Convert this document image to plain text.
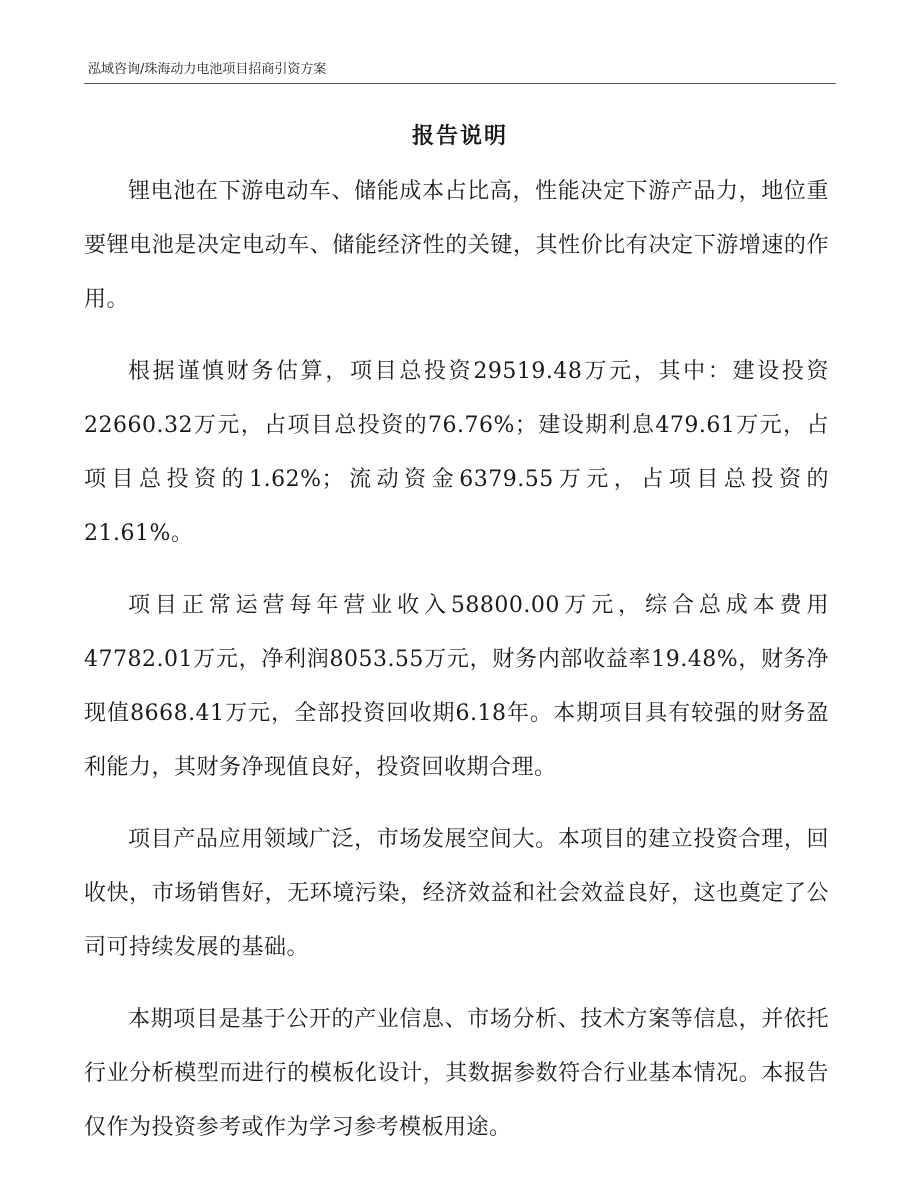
泓域咨询/珠海动力电池项目招商引资方案
报告说明

锂电池在下游电动车、储能成本占比高，性能决定下游产品力，地位重要锂电池是决定电动车、储能经济性的关键，其性价比有决定下游增速的作用。

根据谨慎财务估算，项目总投资29519.48万元，其中：建设投资22660.32万元，占项目总投资的76.76%；建设期利息479.61万元，占项目总投资的1.62%；流动资金6379.55万元，占项目总投资的21.61%。

项目正常运营每年营业收入58800.00万元，综合总成本费用47782.01万元，净利润8053.55万元，财务内部收益率19.48%，财务净现值8668.41万元，全部投资回收期6.18年。本期项目具有较强的财务盈利能力，其财务净现值良好，投资回收期合理。

项目产品应用领域广泛，市场发展空间大。本项目的建立投资合理，回收快，市场销售好，无环境污染，经济效益和社会效益良好，这也奠定了公司可持续发展的基础。

本期项目是基于公开的产业信息、市场分析、技术方案等信息，并依托行业分析模型而进行的模板化设计，其数据参数符合行业基本情况。本报告仅作为投资参考或作为学习参考模板用途。
